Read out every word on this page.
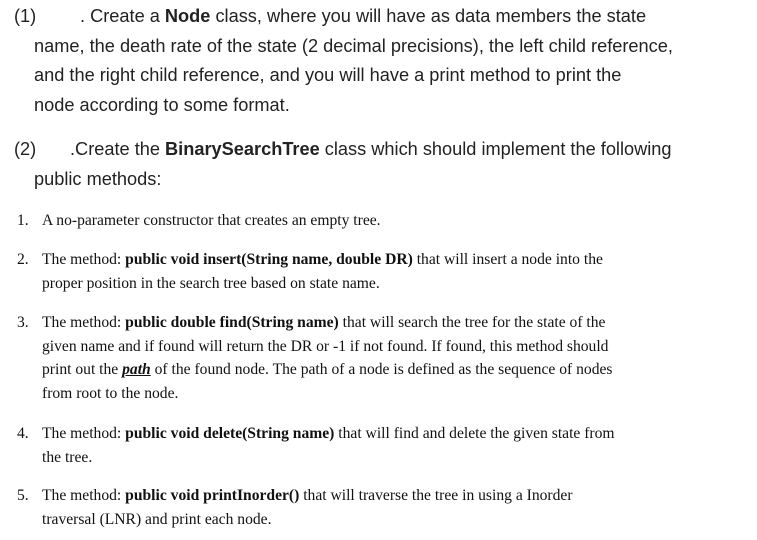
(1) . Create a Node class, where you will have as data members the state
name, the death rate of the state (2 decimal precisions), the left child reference,
and the right child reference, and you will have a print method to print the
node according to some format.
(2) .Create the BinarySearchTree class which should implement the following
public methods:
1. A no-parameter constructor that creates an empty tree.
2. The method: public void insert(String name, double DR) that will insert a node into the
proper position in the search tree based on state name.
3. The method: public double find(String name) that will search the tree for the state of the
given name and if found will return the DR or -1 if not found. If found, this method should
print out the path of the found node. The path of a node is defined as the sequence of nodes
from root to the node.
4. The method: public void delete(String name) that will find and delete the given state from
the tree.
5. The method: public void printInorder() that will traverse the tree in using a Inorder
traversal (LNR) and print each node.
